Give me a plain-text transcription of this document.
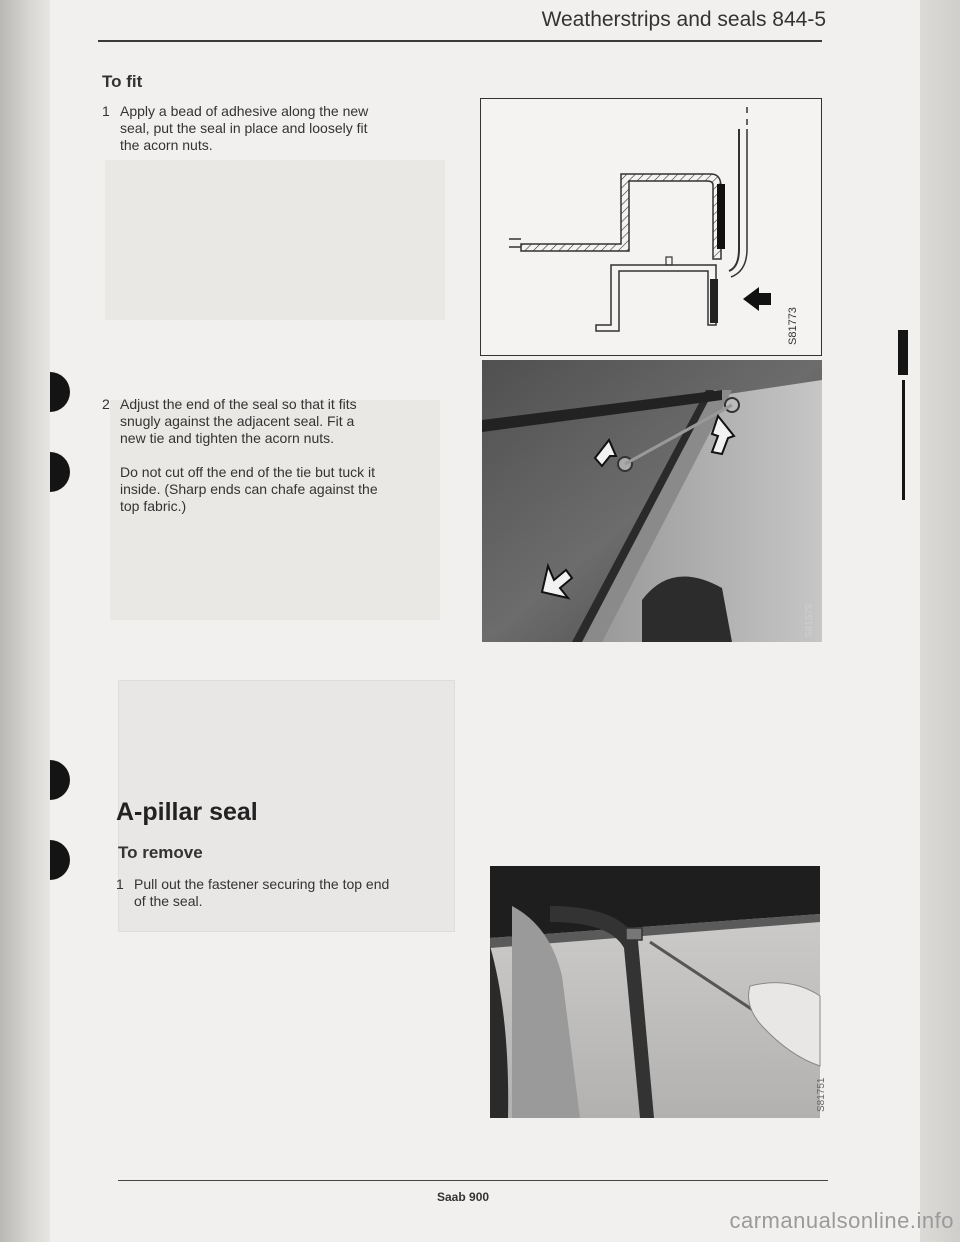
Weatherstrips and seals 844-5
To fit
1 Apply a bead of adhesive along the new
seal, put the seal in place and loosely fit
the acorn nuts.
2 Adjust the end of the seal so that it fits
snugly against the adjacent seal. Fit a
new tie and tighten the acorn nuts.
Do not cut off the end of the tie but tuck it
inside. (Sharp ends can chafe against the
top fabric.)
A-pillar seal
To remove
1 Pull out the fastener securing the top end
of the seal.
S81773
S81579
S81751
Saab 900
carmanualsonline.info
